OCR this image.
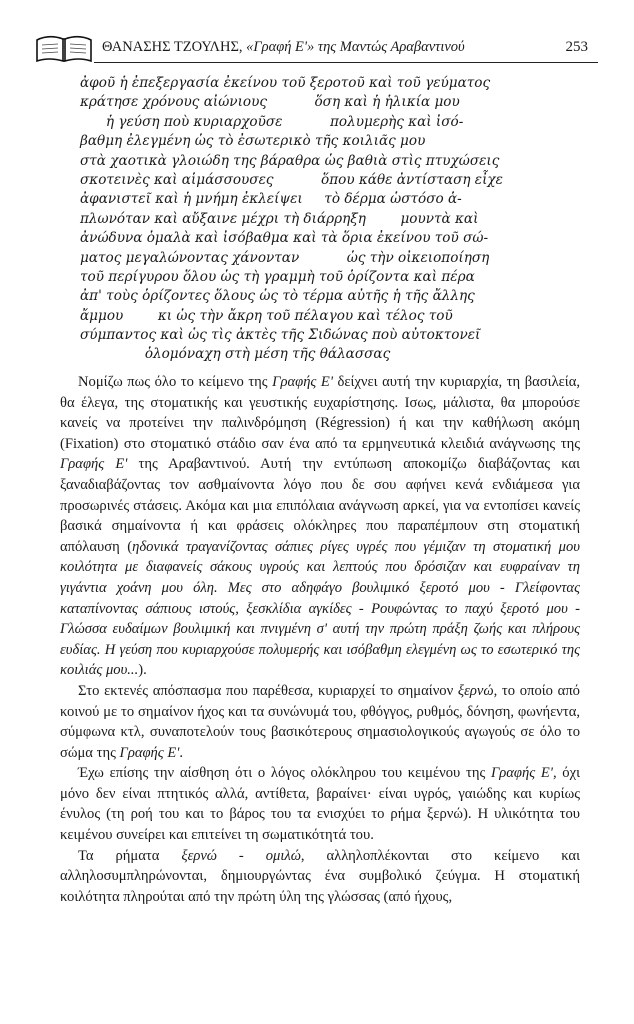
ΘΑΝΑΣΗΣ ΤΖΟΥΛΗΣ, «Γραφή Ε'» της Μαντώς Αραβαντινού	253
ἀφοῦ ἡ ἐπεξεργασία ἐκείνου τοῦ ξεροτοῦ καὶ τοῦ γεύματος
κράτησε χρόνους αἰώνιους           ὅση καὶ ἡ ἡλικία μου
ἡ γεύση ποὺ κυριαρχοῦσε           πολυμερὴς καὶ ἰσό-
βαθμη ἐλεγμένη ὡς τὸ ἐσωτερικὸ τῆς κοιλιᾶς μου
στὰ χαοτικὰ γλοιώδη της βάραθρα ὡς βαθιὰ στὶς πτυχώσεις
σκοτεινὲς καὶ αἱμάσσουσες           ὅπου κάθε ἀντίσταση εἶχε
ἀφανιστεῖ καὶ ἡ μνήμη ἐκλείψει     τὸ δέρμα ὡστόσο ἁ-
πλωνόταν καὶ αὔξαινε μέχρι τὴ διάρρηξη        μουντὰ καὶ
ἀνώδυνα ὁμαλὰ καὶ ἰσόβαθμα καὶ τὰ ὅρια ἐκείνου τοῦ σώ-
ματος μεγαλώνοντας χάνονταν           ὡς τὴν οἰκειοποίηση
τοῦ περίγυρου ὅλου ὡς τὴ γραμμὴ τοῦ ὁρίζοντα καὶ πέρα
ἀπ' τοὺς ὁρίζοντες ὅλους ὡς τὸ τέρμα αὐτῆς ἡ τῆς ἄλλης
ἄμμου        κι ὡς τὴν ἄκρη τοῦ πέλαγου καὶ τέλος τοῦ
σύμπαντος καὶ ὡς τὶς ἀκτὲς τῆς Σιδώνας ποὺ αὐτοκτονεῖ
ὁλομόναχη στὴ μέση τῆς θάλασσας

Νομίζω πως όλο το κείμενο της Γραφής Ε' δείχνει αυτή την κυριαρχία, τη βασιλεία, θα έλεγα, της στοματικής και γευστικής ευχαρίστησης. Ισως, μάλιστα, θα μπορούσε κανείς να προτείνει την παλινδρόμηση (Régression) ή και την καθήλωση ακόμη (Fixation) στο στοματικό στάδιο σαν ένα από τα ερμηνευτικά κλειδιά ανάγνωσης της Γραφής Ε' της Αραβαντινού. Αυτή την εντύπωση αποκομίζω διαβάζοντας και ξαναδιαβάζοντας τον ασθμαίνοντα λόγο που δε σου αφήνει κενά ενδιάμεσα για προσωρινές στάσεις. Ακόμα και μια επιπόλαια ανάγνωση αρκεί, για να εντοπίσει κανείς βασικά σημαίνοντα ή και φράσεις ολόκληρες που παραπέμπουν στη στοματική απόλαυση (ηδονικά τραγανίζοντας σάπιες ρίγες υγρές που γέμιζαν τη στοματική μου κοιλότητα με διαφανείς σάκους υγρούς και λεπτούς που δρόσιζαν και ευφραίναν τη γιγάντια χοάνη μου όλη. Μες στο αδηφάγο βουλιμικό ξεροτό μου - Γλείφοντας καταπίνοντας σάπιους ιστούς, ξεσκλίδια αγκίδες - Ρουφώντας το παχύ ξεροτό μου - Γλώσσα ευδαίμων βουλιμική και πνιγμένη σ' αυτή την πρώτη πράξη ζωής και πλήρους ευδίας. Η γεύση που κυριαρχούσε πολυμερής και ισόβαθμη ελεγμένη ως το εσωτερικό της κοιλιάς μου...).

Στο εκτενές απόσπασμα που παρέθεσα, κυριαρχεί το σημαίνον ξερνώ, το οποίο από κοινού με το σημαίνον ήχος και τα συνώνυμά του, φθόγγος, ρυθμός, δόνηση, φωνήεντα, σύμφωνα κτλ, συναποτελούν τους βασικότερους σημασιολογικούς αγωγούς σε όλο το σώμα της Γραφής Ε'.

Έχω επίσης την αίσθηση ότι ο λόγος ολόκληρου του κειμένου της Γραφής Ε', όχι μόνο δεν είναι πτητικός αλλά, αντίθετα, βαραίνει· είναι υγρός, γαιώδης και κυρίως ένυλος (τη ροή του και το βάρος του τα ενισχύει το ρήμα ξερνώ). Η υλικότητα του κειμένου συνείρει και επιτείνει τη σωματικότητά του.

Τα ρήματα ξερνώ - ομιλώ, αλληλοπλέκονται στο κείμενο και αλληλοσυμπληρώνονται, δημιουργώντας ένα συμβολικό ζεύγμα. Η στοματική κοιλότητα πληρούται από την πρώτη ύλη της γλώσσας (από ήχους,
